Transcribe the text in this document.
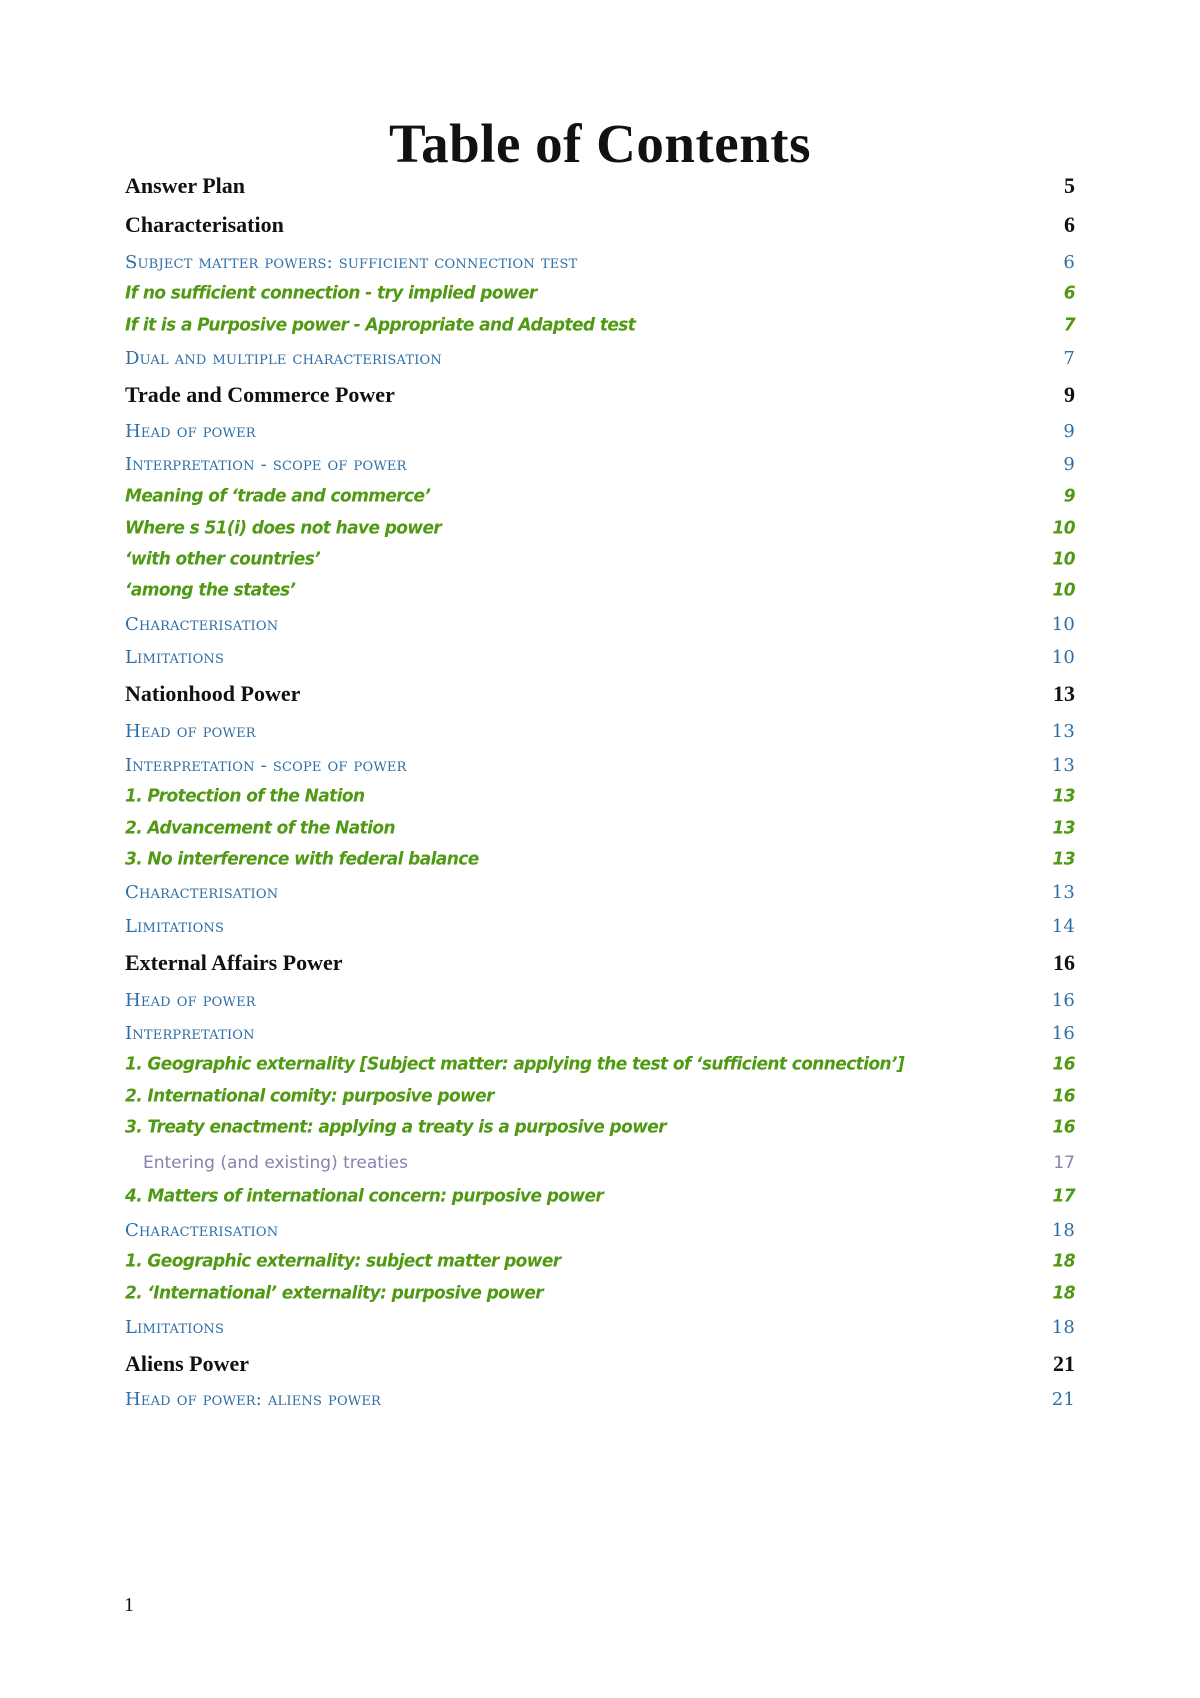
Table of Contents
Answer Plan	5
Characterisation	6
Subject matter powers: sufficient connection test	6
If no sufficient connection - try implied power	6
If it is a Purposive power - Appropriate and Adapted test	7
Dual and multiple characterisation	7
Trade and Commerce Power	9
Head of power	9
Interpretation - scope of power	9
Meaning of ‘trade and commerce’	9
Where s 51(i) does not have power	10
‘with other countries’	10
‘among the states’	10
Characterisation	10
Limitations	10
Nationhood Power	13
Head of power	13
Interpretation - scope of power	13
1. Protection of the Nation	13
2. Advancement of the Nation	13
3. No interference with federal balance	13
Characterisation	13
Limitations	14
External Affairs Power	16
Head of power	16
Interpretation	16
1. Geographic externality [Subject matter: applying the test of ‘sufficient connection’]	16
2. International comity: purposive power	16
3. Treaty enactment: applying a treaty is a purposive power	16
Entering (and existing) treaties	17
4. Matters of international concern: purposive power	17
Characterisation	18
1. Geographic externality: subject matter power	18
2. ‘International’ externality: purposive power	18
Limitations	18
Aliens Power	21
Head of power: aliens power	21
1
